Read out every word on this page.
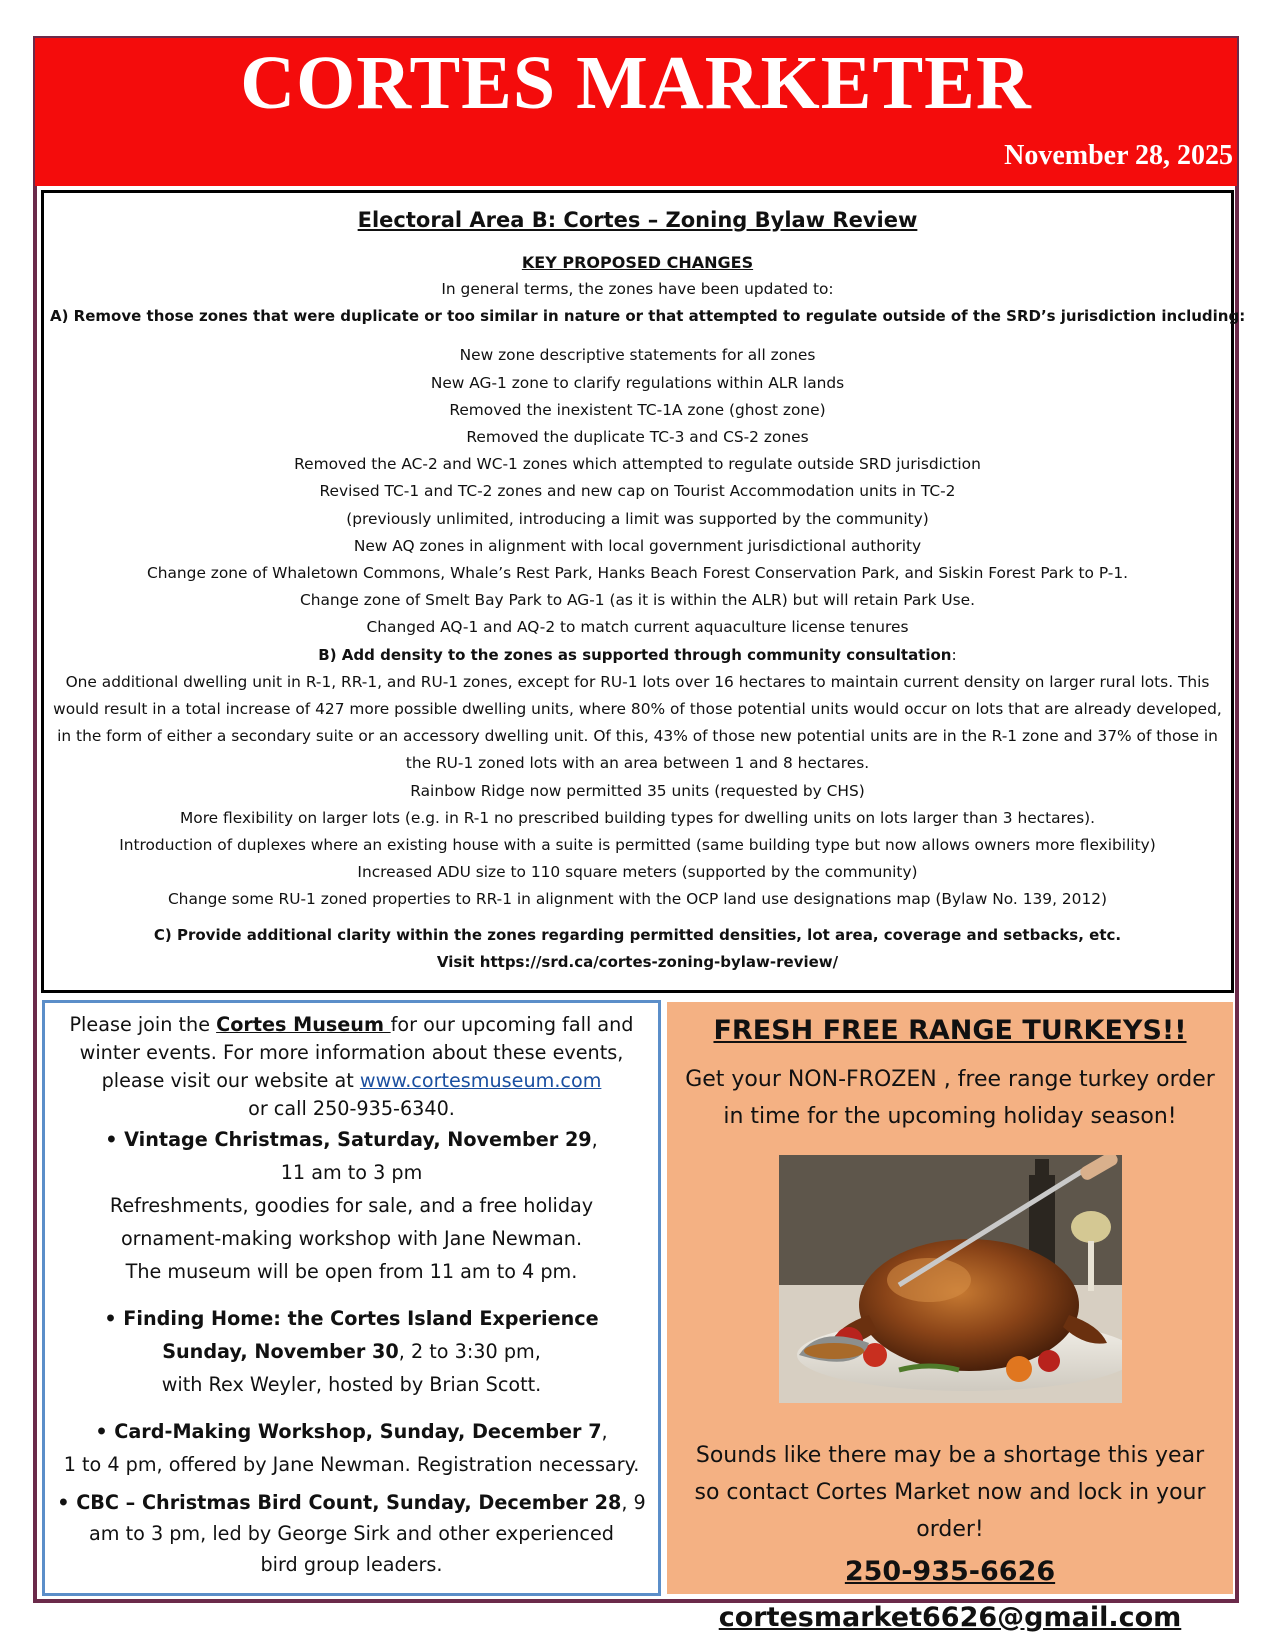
CORTES MARKETER
November 28, 2025
Electoral Area B: Cortes – Zoning Bylaw Review
KEY PROPOSED CHANGES
In general terms, the zones have been updated to:
A) Remove those zones that were duplicate or too similar in nature or that attempted to regulate outside of the SRD’s jurisdiction including:
New zone descriptive statements for all zones
New AG-1 zone to clarify regulations within ALR lands
Removed the inexistent TC-1A zone (ghost zone)
Removed the duplicate TC-3 and CS-2 zones
Removed the AC-2 and WC-1 zones which attempted to regulate outside SRD jurisdiction
Revised TC-1 and TC-2 zones and new cap on Tourist Accommodation units in TC-2
(previously unlimited, introducing a limit was supported by the community)
New AQ zones in alignment with local government jurisdictional authority
Change zone of Whaletown Commons, Whale’s Rest Park, Hanks Beach Forest Conservation Park, and Siskin Forest Park to P-1.
Change zone of Smelt Bay Park to AG-1 (as it is within the ALR) but will retain Park Use.
Changed AQ-1 and AQ-2 to match current aquaculture license tenures
B) Add density to the zones as supported through community consultation:
One additional dwelling unit in R-1, RR-1, and RU-1 zones, except for RU-1 lots over 16 hectares to maintain current density on larger rural lots. This would result in a total increase of 427 more possible dwelling units, where 80% of those potential units would occur on lots that are already developed, in the form of either a secondary suite or an accessory dwelling unit. Of this, 43% of those new potential units are in the R-1 zone and 37% of those in the RU-1 zoned lots with an area between 1 and 8 hectares.
Rainbow Ridge now permitted 35 units (requested by CHS)
More flexibility on larger lots (e.g. in R-1 no prescribed building types for dwelling units on lots larger than 3 hectares).
Introduction of duplexes where an existing house with a suite is permitted (same building type but now allows owners more flexibility)
Increased ADU size to 110 square meters (supported by the community)
Change some RU-1 zoned properties to RR-1 in alignment with the OCP land use designations map (Bylaw No. 139, 2012)
C) Provide additional clarity within the zones regarding permitted densities, lot area, coverage and setbacks, etc.
Visit https://srd.ca/cortes-zoning-bylaw-review/
Please join the Cortes Museum for our upcoming fall and winter events. For more information about these events, please visit our website at www.cortesmuseum.com
or call 250-935-6340.
• Vintage Christmas, Saturday, November 29,
11 am to 3 pm
Refreshments, goodies for sale, and a free holiday
ornament-making workshop with Jane Newman.
The museum will be open from 11 am to 4 pm.
• Finding Home: the Cortes Island Experience
Sunday, November 30, 2 to 3:30 pm,
with Rex Weyler, hosted by Brian Scott.
• Card-Making Workshop, Sunday, December 7,
1 to 4 pm, offered by Jane Newman. Registration necessary.
• CBC – Christmas Bird Count, Sunday, December 28, 9 am to 3 pm, led by George Sirk and other experienced
bird group leaders.
FRESH FREE RANGE TURKEYS!!
Get your NON-FROZEN , free range turkey order in time for the upcoming holiday season!
Sounds like there may be a shortage this year so contact Cortes Market now and lock in your order!
250-935-6626
cortesmarket6626@gmail.com
